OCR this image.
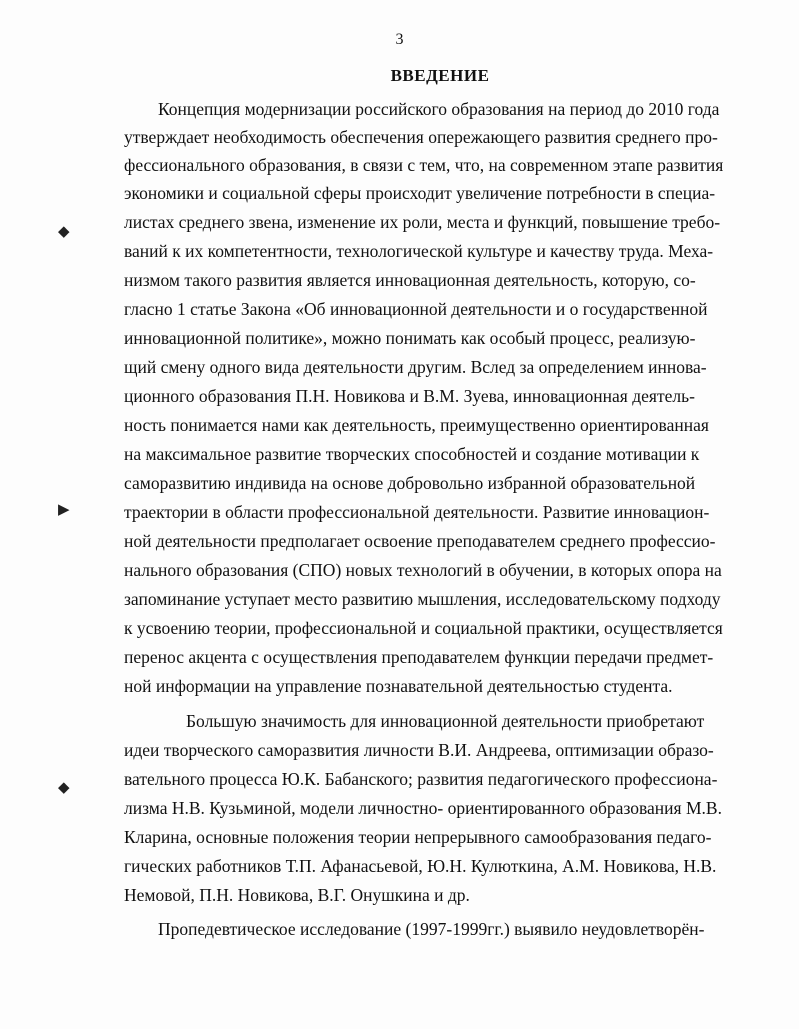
3
ВВЕДЕНИЕ
Концепция модернизации российского образования на период до 2010 года
утверждает необходимость обеспечения опережающего развития среднего про-
фессионального образования, в связи с тем, что, на современном этапе развития
экономики и социальной сферы происходит увеличение потребности в специа-
листах среднего звена, изменение их роли, места и функций, повышение требо-
ваний к их компетентности, технологической культуре и качеству труда. Меха-
низмом такого развития является инновационная деятельность, которую, со-
гласно 1 статье Закона «Об инновационной деятельности и о государственной
инновационной политике», можно понимать как особый процесс, реализую-
щий смену одного вида деятельности другим. Вслед за определением иннова-
ционного образования П.Н. Новикова и В.М. Зуева, инновационная деятель-
ность понимается нами как деятельность, преимущественно ориентированная
на максимальное развитие творческих способностей и создание мотивации к
саморазвитию индивида на основе добровольно избранной образовательной
траектории в области профессиональной деятельности. Развитие инновацион-
ной деятельности предполагает освоение преподавателем среднего профессио-
нального образования (СПО) новых технологий в обучении, в которых опора на
запоминание уступает место развитию мышления, исследовательскому подходу
к усвоению теории, профессиональной и социальной практики, осуществляется
перенос акцента с осуществления преподавателем функции передачи предмет-
ной информации на управление познавательной деятельностью студента.
Большую значимость для инновационной деятельности приобретают
идеи творческого саморазвития личности В.И. Андреева, оптимизации образо-
вательного процесса Ю.К. Бабанского; развития педагогического профессиона-
лизма Н.В. Кузьминой, модели личностно- ориентированного образования М.В.
Кларина, основные положения теории непрерывного самообразования педаго-
гических работников Т.П. Афанасьевой, Ю.Н. Кулюткина, А.М. Новикова, Н.В.
Немовой, П.Н. Новикова, В.Г. Онушкина и др.
Пропедевтическое исследование (1997-1999гг.) выявило неудовлетворён-
◆
▶
◆
